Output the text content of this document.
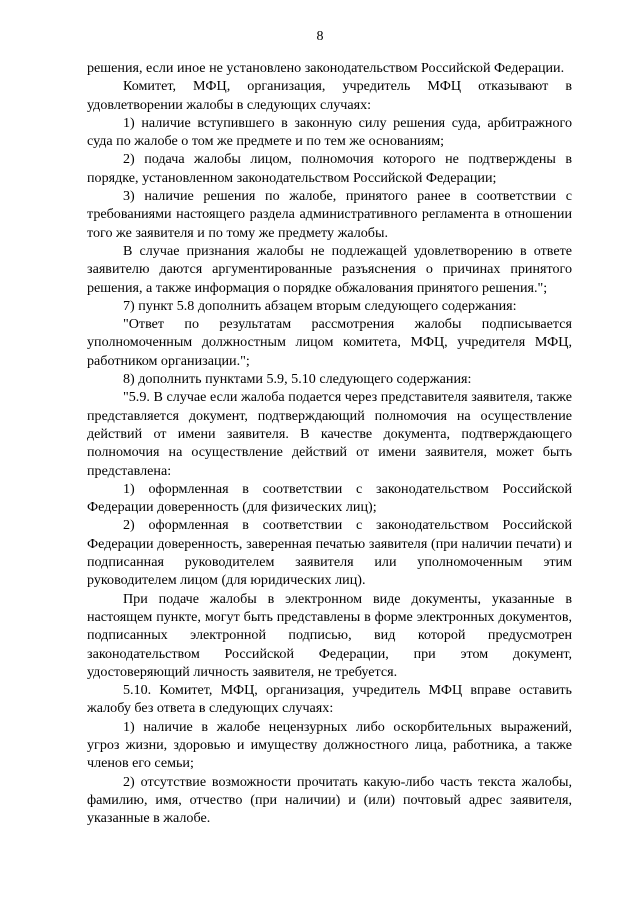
8

решения, если иное не установлено законодательством Российской Федерации.

Комитет, МФЦ, организация, учредитель МФЦ отказывают в удовлетворении жалобы в следующих случаях:

1) наличие вступившего в законную силу решения суда, арбитражного суда по жалобе о том же предмете и по тем же основаниям;

2) подача жалобы лицом, полномочия которого не подтверждены в порядке, установленном законодательством Российской Федерации;

3) наличие решения по жалобе, принятого ранее в соответствии с требованиями настоящего раздела административного регламента в отношении того же заявителя и по тому же предмету жалобы.

В случае признания жалобы не подлежащей удовлетворению в ответе заявителю даются аргументированные разъяснения о причинах принятого решения, а также информация о порядке обжалования принятого решения.";

7) пункт 5.8 дополнить абзацем вторым следующего содержания:

"Ответ по результатам рассмотрения жалобы подписывается уполномоченным должностным лицом комитета, МФЦ, учредителя МФЦ, работником организации.";

8) дополнить пунктами 5.9, 5.10 следующего содержания:

"5.9. В случае если жалоба подается через представителя заявителя, также представляется документ, подтверждающий полномочия на осуществление действий от имени заявителя. В качестве документа, подтверждающего полномочия на осуществление действий от имени заявителя, может быть представлена:

1) оформленная в соответствии с законодательством Российской Федерации доверенность (для физических лиц);

2) оформленная в соответствии с законодательством Российской Федерации доверенность, заверенная печатью заявителя (при наличии печати) и подписанная руководителем заявителя или уполномоченным этим руководителем лицом (для юридических лиц).

При подаче жалобы в электронном виде документы, указанные в настоящем пункте, могут быть представлены в форме электронных документов, подписанных электронной подписью, вид которой предусмотрен законодательством Российской Федерации, при этом документ, удостоверяющий личность заявителя, не требуется.

5.10. Комитет, МФЦ, организация, учредитель МФЦ вправе оставить жалобу без ответа в следующих случаях:

1) наличие в жалобе нецензурных либо оскорбительных выражений, угроз жизни, здоровью и имуществу должностного лица, работника, а также членов его семьи;

2) отсутствие возможности прочитать какую-либо часть текста жалобы, фамилию, имя, отчество (при наличии) и (или) почтовый адрес заявителя, указанные в жалобе.
